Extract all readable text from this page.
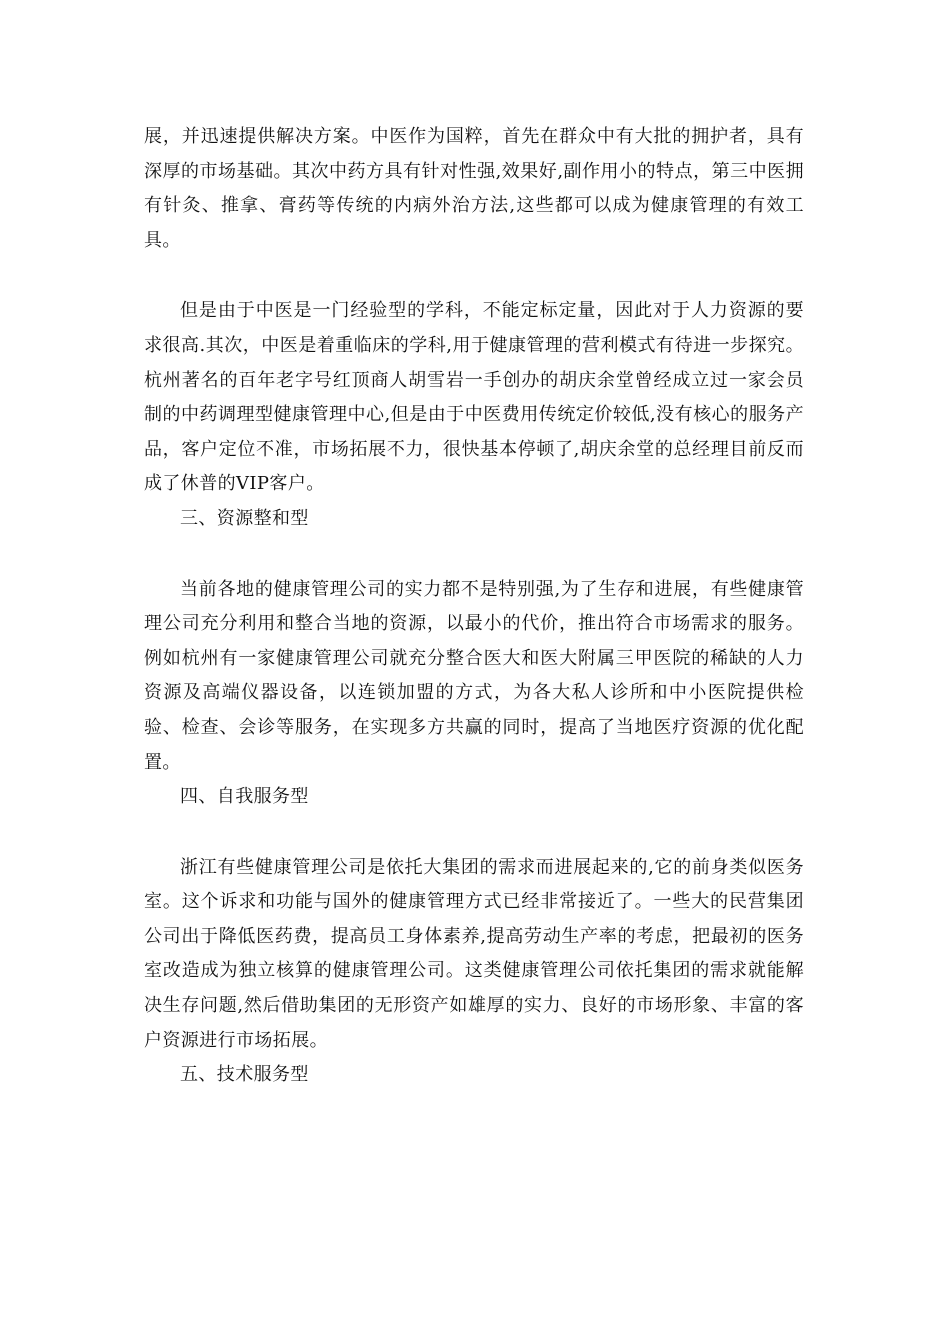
展，并迅速提供解决方案。中医作为国粹，首先在群众中有大批的拥护者，具有深厚的市场基础。其次中药方具有针对性强,效果好,副作用小的特点，第三中医拥有针灸、推拿、膏药等传统的内病外治方法,这些都可以成为健康管理的有效工具。

但是由于中医是一门经验型的学科，不能定标定量，因此对于人力资源的要求很高.其次，中医是着重临床的学科,用于健康管理的营利模式有待进一步探究。杭州著名的百年老字号红顶商人胡雪岩一手创办的胡庆余堂曾经成立过一家会员制的中药调理型健康管理中心,但是由于中医费用传统定价较低,没有核心的服务产品，客户定位不准，市场拓展不力，很快基本停顿了,胡庆余堂的总经理目前反而成了休普的VIP客户。

三、资源整和型

当前各地的健康管理公司的实力都不是特别强,为了生存和进展，有些健康管理公司充分利用和整合当地的资源，以最小的代价，推出符合市场需求的服务。例如杭州有一家健康管理公司就充分整合医大和医大附属三甲医院的稀缺的人力资源及高端仪器设备，以连锁加盟的方式，为各大私人诊所和中小医院提供检验、检查、会诊等服务，在实现多方共赢的同时，提高了当地医疗资源的优化配置。

四、自我服务型

浙江有些健康管理公司是依托大集团的需求而进展起来的,它的前身类似医务室。这个诉求和功能与国外的健康管理方式已经非常接近了。一些大的民营集团公司出于降低医药费，提高员工身体素养,提高劳动生产率的考虑，把最初的医务室改造成为独立核算的健康管理公司。这类健康管理公司依托集团的需求就能解决生存问题,然后借助集团的无形资产如雄厚的实力、良好的市场形象、丰富的客户资源进行市场拓展。

五、技术服务型
